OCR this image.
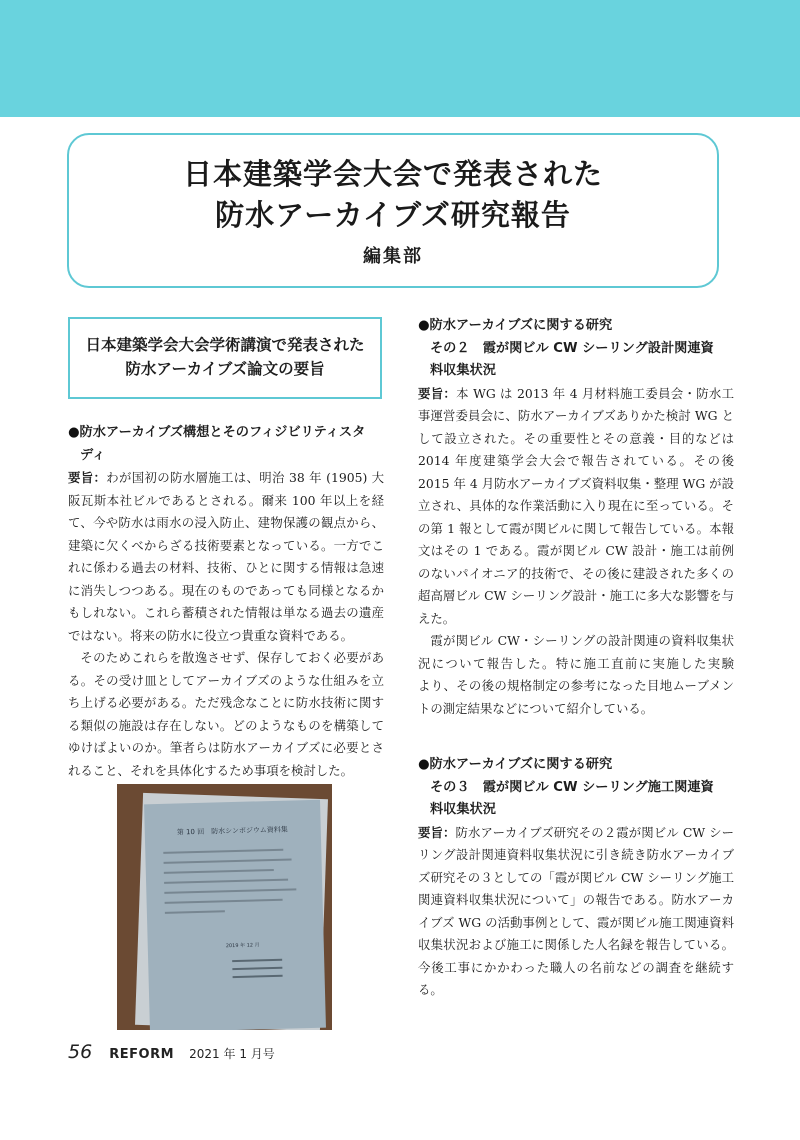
日本建築学会大会で発表された
防水アーカイブズ研究報告
編集部
日本建築学会大会学術講演で発表された
防水アーカイブズ論文の要旨
●防水アーカイブズ構想とそのフィジビリティスタ
ディ

要旨：わが国初の防水層施工は、明治 38 年 (1905) 大阪瓦斯本社ビルであるとされる。爾来 100 年以上を経て、今や防水は雨水の浸入防止、建物保護の観点から、建築に欠くべからざる技術要素となっている。一方でこれに係わる過去の材料、技術、ひとに関する情報は急速に消失しつつある。現在のものであっても同様となるかもしれない。これら蓄積された情報は単なる過去の遺産ではない。将来の防水に役立つ貴重な資料である。

そのためこれらを散逸させず、保存しておく必要がある。その受け皿としてアーカイブズのような仕組みを立ち上げる必要がある。ただ残念なことに防水技術に関する類似の施設は存在しない。どのようなものを構築してゆけばよいのか。筆者らは防水アーカイブズに必要とされること、それを具体化するため事項を検討した。

第 10 回　防水シンポジウム資料集
2019 年 12 月
●防水アーカイブズに関する研究
その２　霞が関ビル CW シーリング設計関連資
料収集状況

要旨：本 WG は 2013 年 4 月材料施工委員会・防水工事運営委員会に、防水アーカイブズありかた検討 WG として設立された。その重要性とその意義・目的などは 2014 年度建築学会大会で報告されている。その後 2015 年 4 月防水アーカイブズ資料収集・整理 WG が設立され、具体的な作業活動に入り現在に至っている。その第 1 報として霞が関ビルに関して報告している。本報文はその 1 である。霞が関ビル CW 設計・施工は前例のないパイオニア的技術で、その後に建設された多くの超高層ビル CW シーリング設計・施工に多大な影響を与えた。

霞が関ビル CW・シーリングの設計関連の資料収集状況について報告した。特に施工直前に実施した実験　　より、その後の規格制定の参考になった目地ムーブメントの測定結果などについて紹介している。

●防水アーカイブズに関する研究
その３　霞が関ビル CW シーリング施工関連資
料収集状況

要旨：防水アーカイブズ研究その２霞が関ビル CW シーリング設計関連資料収集状況に引き続き防水アーカイブズ研究その３としての「霞が関ビル CW シーリング施工関連資料収集状況について」の報告である。防水アーカイブズ WG の活動事例として、霞が関ビル施工関連資料収集状況および施工に関係した人名録を報告している。今後工事にかかわった職人の名前などの調査を継続する。

56 REFORM 2021 年 1 月号
